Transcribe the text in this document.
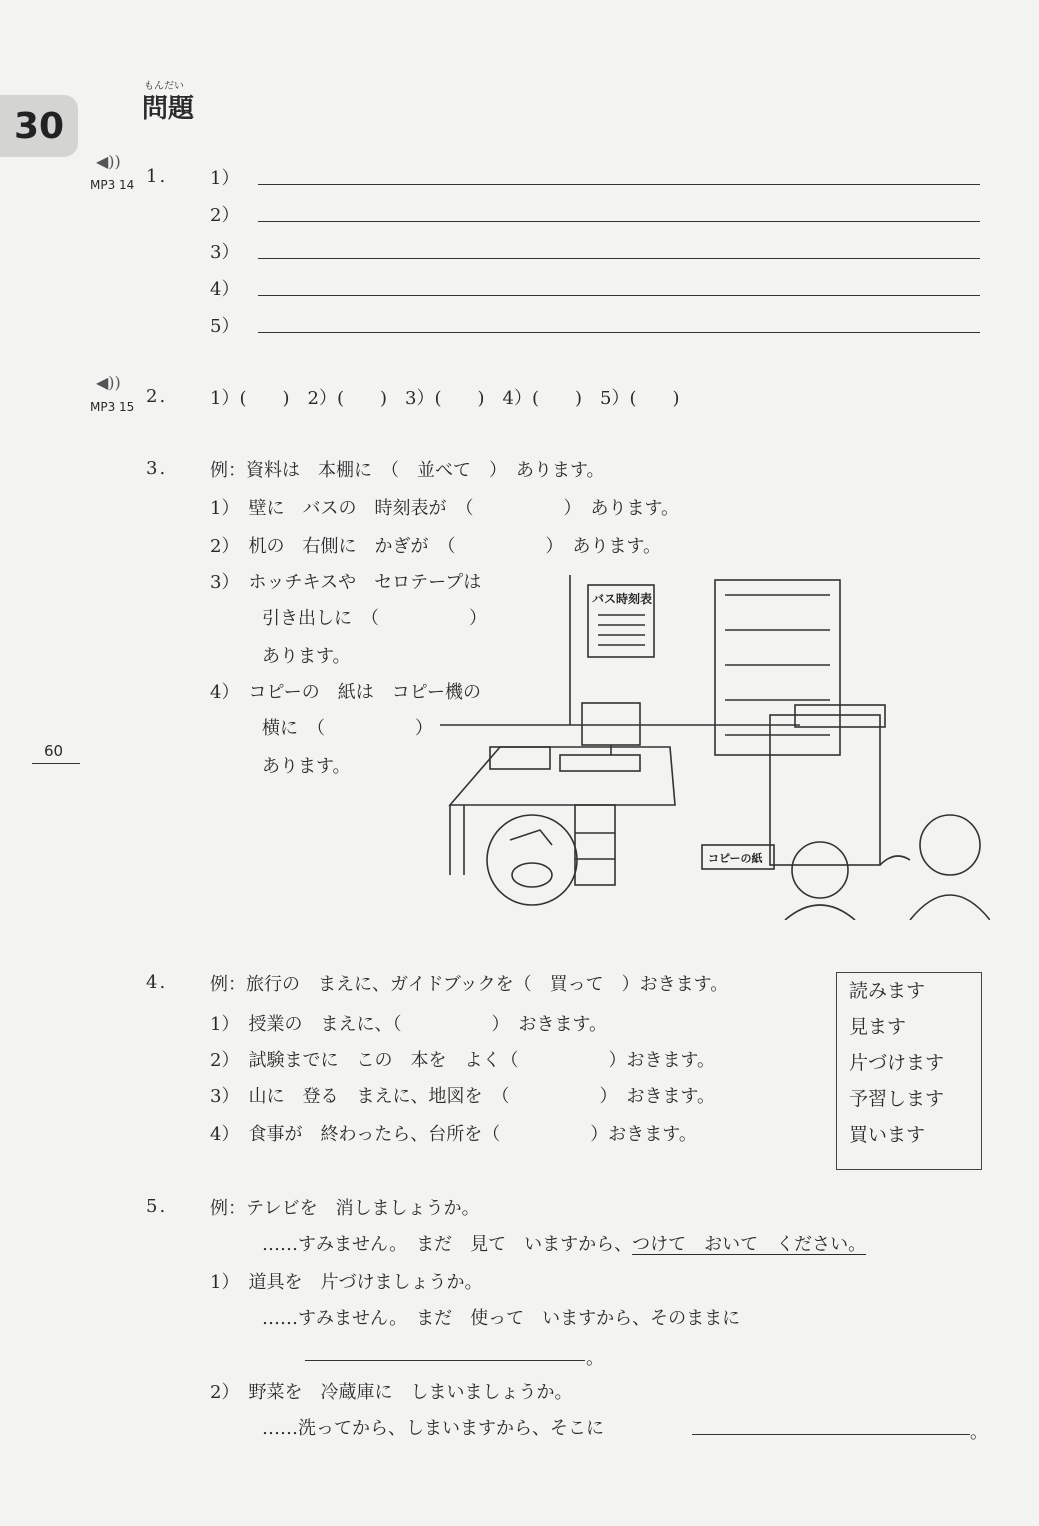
30
もんだい
問題
◀))
MP3 14 1. 1）
2）
3）
4）
5）
◀))
MP3 15 2. 1）(　　)　2）(　　)　3）(　　)　4）(　　)　5）(　　)
3. 例：資料は　本棚に　（　並べて　）　あります。
1）　壁に　バスの　時刻表が　（　　　　　）　あります。
2）　机の　右側に　かぎが　（　　　　　）　あります。
3）　ホッチキスや　セロテープは
引き出しに　（　　　　　）
あります。
4）　コピーの　紙は　コピー機の
横に　（　　　　　）
あります。
60
バス時刻表
コピーの紙
4. 例：旅行の　まえに、ガイドブックを（　買って　）おきます。
1）　授業の　まえに、（　　　　　）　おきます。
2）　試験までに　この　本を　よく（　　　　　）おきます。
3）　山に　登る　まえに、地図を　（　　　　　）　おきます。
4）　食事が　終わったら、台所を（　　　　　）おきます。
読みます
見ます
片づけます
予習します
買います
5. 例：テレビを　消しましょうか。
……すみません。　まだ　見て　いますから、つけて　おいて　ください。
1）　道具を　片づけましょうか。
……すみません。　まだ　使って　いますから、そのままに
。
2）　野菜を　冷蔵庫に　しまいましょうか。
……洗ってから、しまいますから、そこに	。
